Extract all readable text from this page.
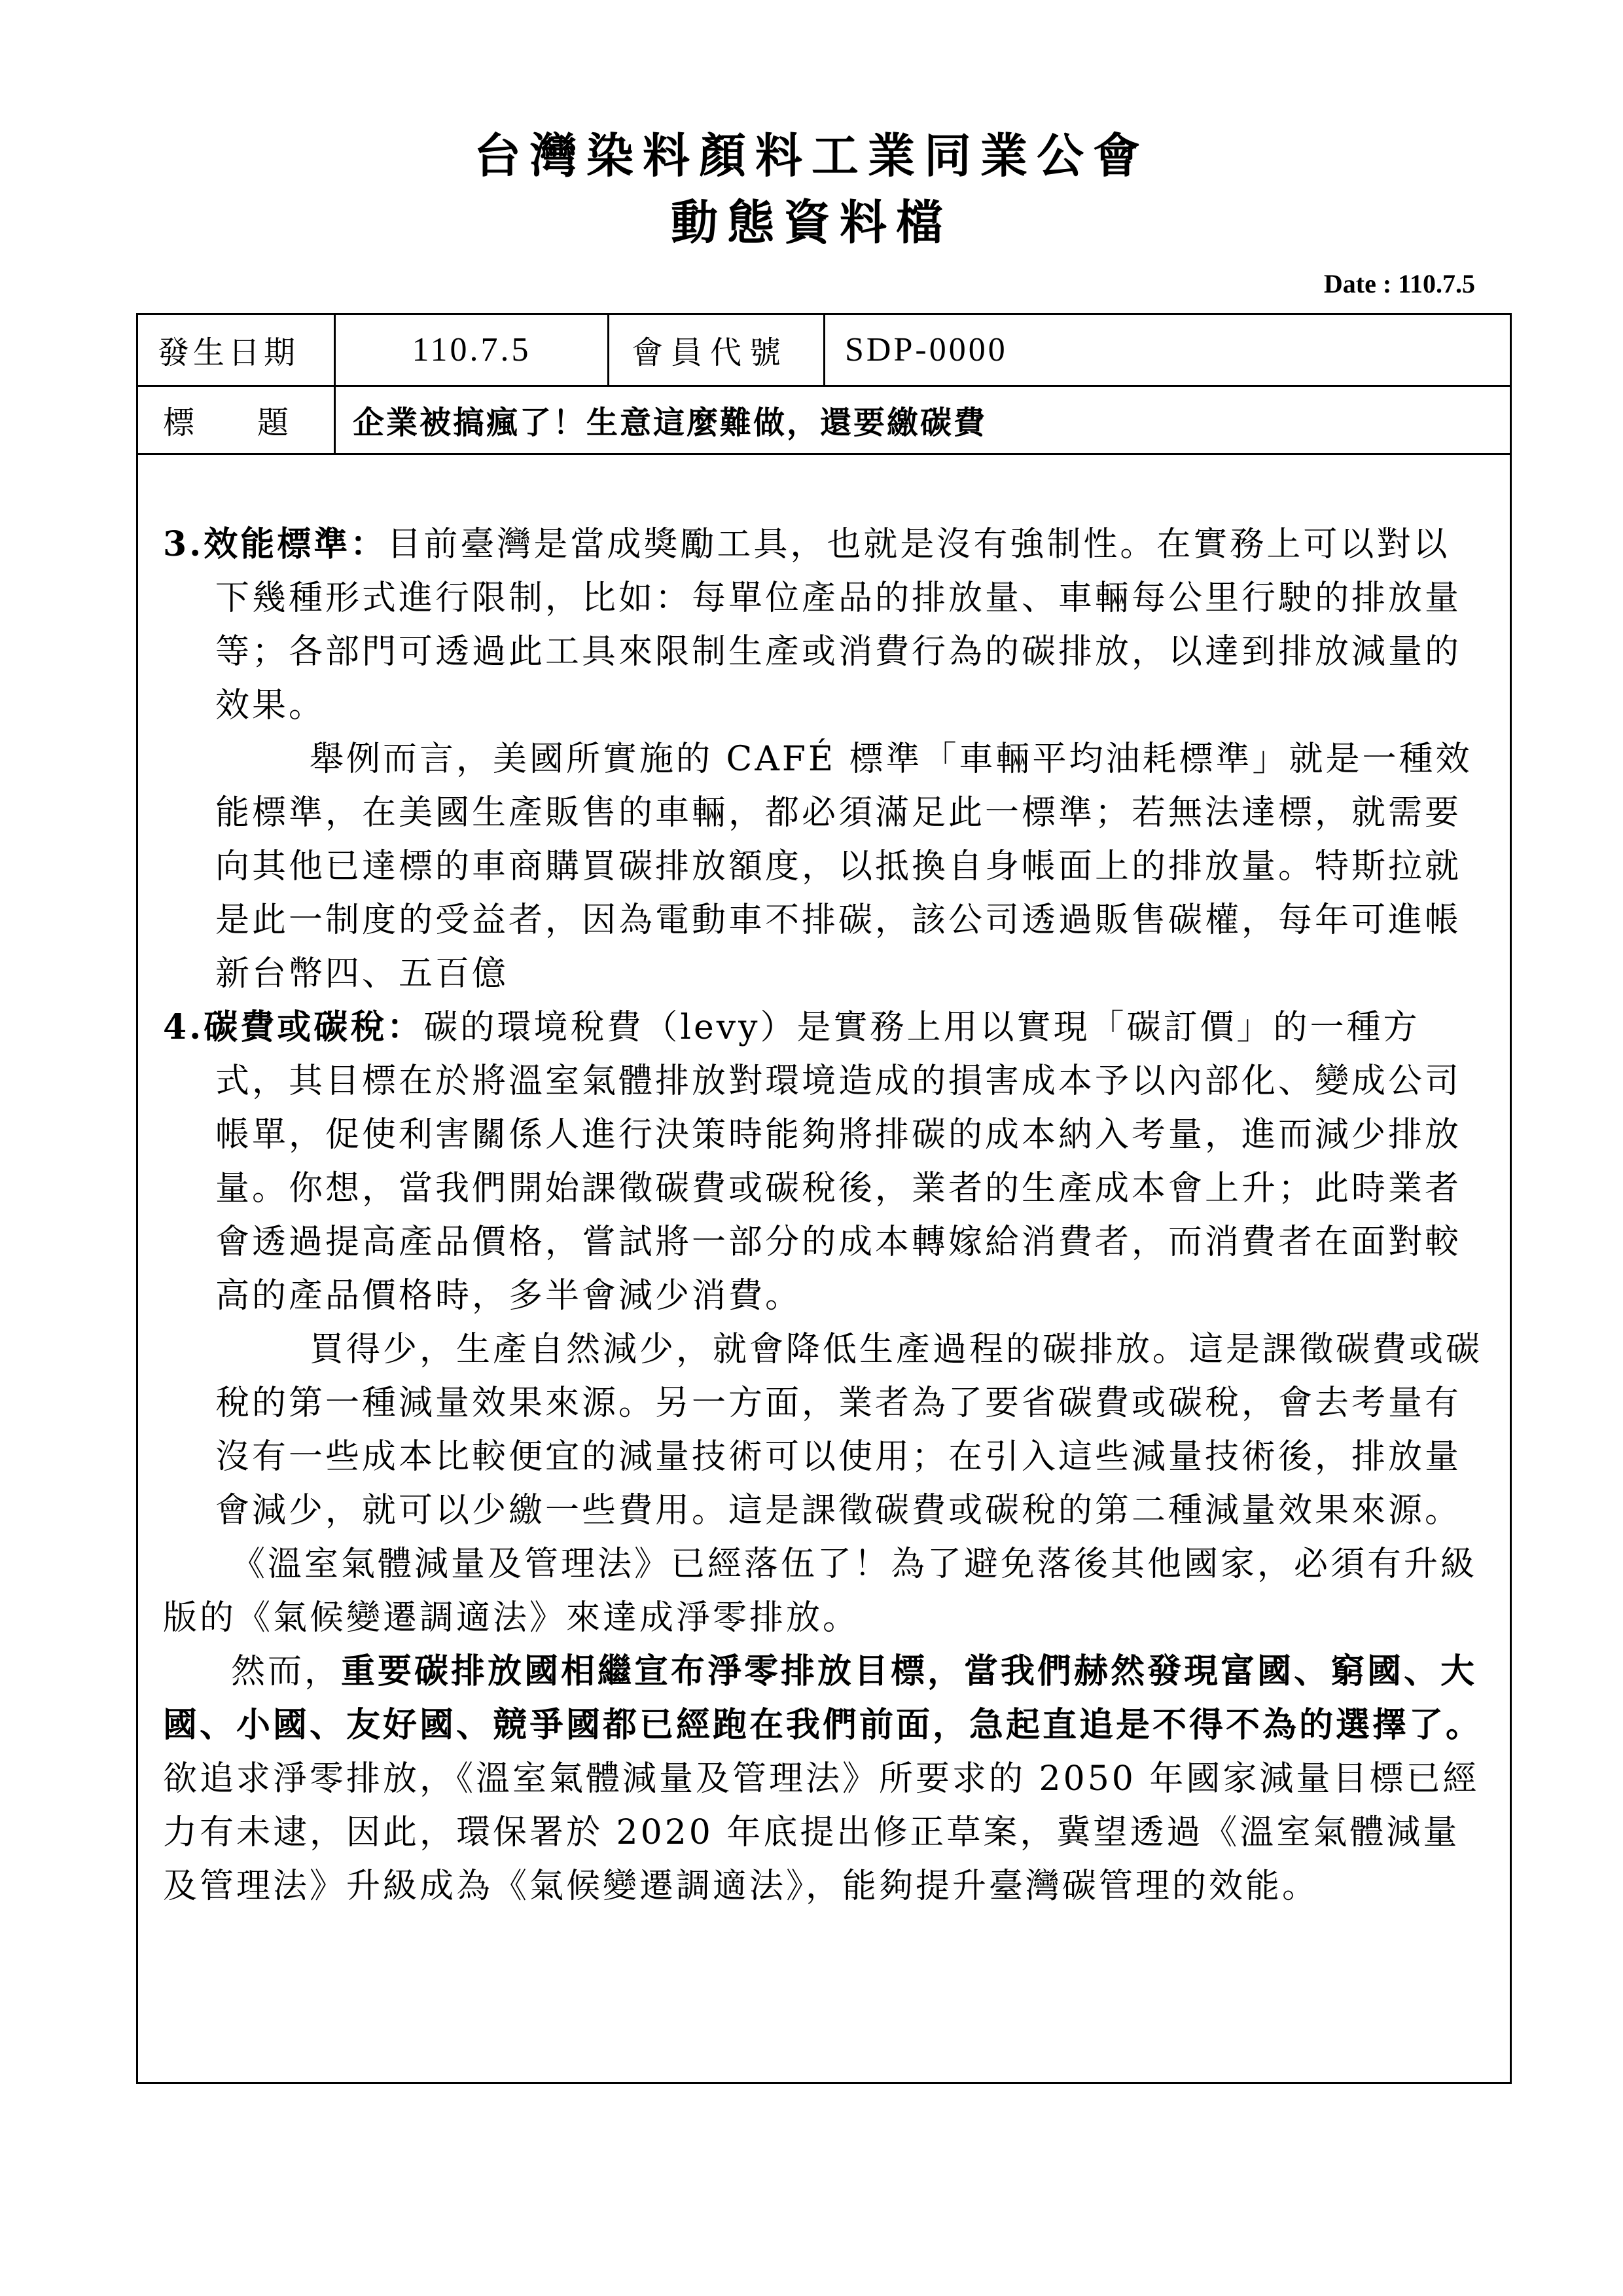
台灣染料顏料工業同業公會
動態資料檔
Date : 110.7.5
發生日期	110.7.5	會員代號	SDP-0000
標　　題	企業被搞瘋了！生意這麼難做，還要繳碳費

3.效能標準：目前臺灣是當成獎勵工具，也就是沒有強制性。在實務上可以對以下幾種形式進行限制，比如：每單位產品的排放量、車輛每公里行駛的排放量等；各部門可透過此工具來限制生產或消費行為的碳排放，以達到排放減量的效果。

舉例而言，美國所實施的 CAFÉ 標準「車輛平均油耗標準」就是一種效能標準，在美國生產販售的車輛，都必須滿足此一標準；若無法達標，就需要向其他已達標的車商購買碳排放額度，以抵換自身帳面上的排放量。特斯拉就是此一制度的受益者，因為電動車不排碳，該公司透過販售碳權，每年可進帳新台幣四、五百億

4.碳費或碳稅：碳的環境稅費（levy）是實務上用以實現「碳訂價」的一種方式，其目標在於將溫室氣體排放對環境造成的損害成本予以內部化、變成公司帳單，促使利害關係人進行決策時能夠將排碳的成本納入考量，進而減少排放量。你想，當我們開始課徵碳費或碳稅後，業者的生產成本會上升；此時業者會透過提高產品價格，嘗試將一部分的成本轉嫁給消費者，而消費者在面對較高的產品價格時，多半會減少消費。

買得少，生產自然減少，就會降低生產過程的碳排放。這是課徵碳費或碳稅的第一種減量效果來源。另一方面，業者為了要省碳費或碳稅，會去考量有沒有一些成本比較便宜的減量技術可以使用；在引入這些減量技術後，排放量會減少，就可以少繳一些費用。這是課徵碳費或碳稅的第二種減量效果來源。

《溫室氣體減量及管理法》已經落伍了！為了避免落後其他國家，必須有升級版的《氣候變遷調適法》來達成淨零排放。

然而，重要碳排放國相繼宣布淨零排放目標，當我們赫然發現富國、窮國、大國、小國、友好國、競爭國都已經跑在我們前面，急起直追是不得不為的選擇了。欲追求淨零排放，《溫室氣體減量及管理法》所要求的 2050 年國家減量目標已經力有未逮，因此，環保署於 2020 年底提出修正草案，冀望透過《溫室氣體減量及管理法》升級成為《氣候變遷調適法》，能夠提升臺灣碳管理的效能。
